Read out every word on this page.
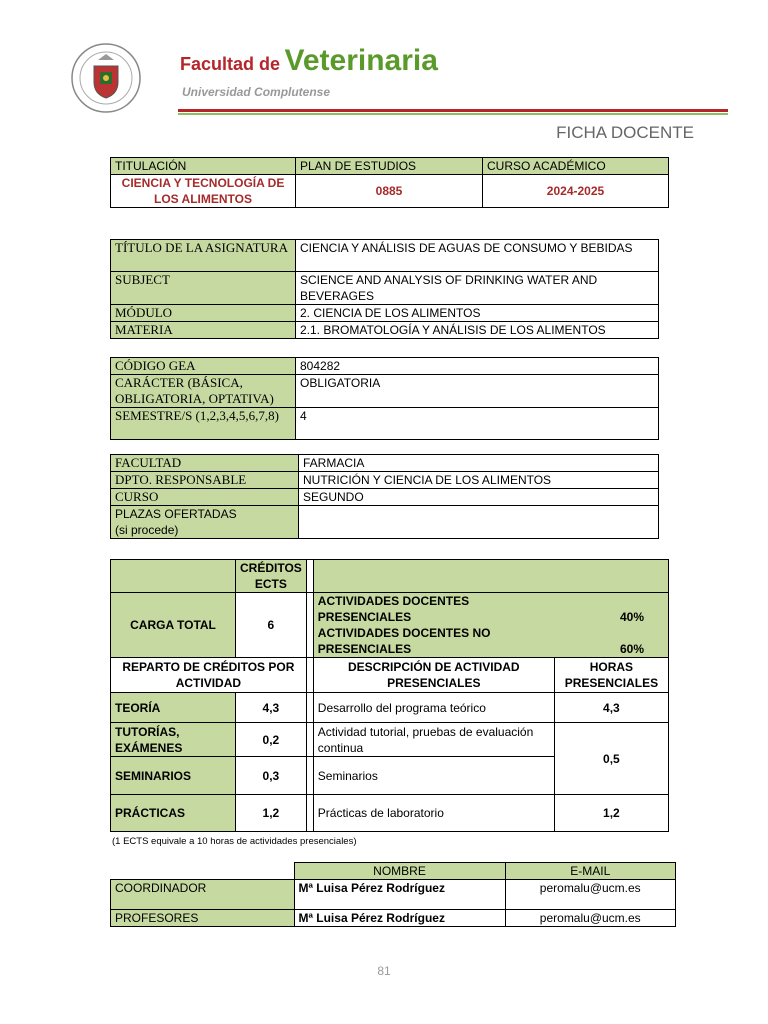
Facultad de Veterinaria
Universidad Complutense
FICHA DOCENTE
TITULACIÓN	PLAN DE ESTUDIOS	CURSO ACADÉMICO
CIENCIA Y TECNOLOGÍA DE LOS ALIMENTOS	0885	2024-2025
TÍTULO DE LA ASIGNATURA	CIENCIA Y ANÁLISIS DE AGUAS DE CONSUMO Y BEBIDAS
SUBJECT	SCIENCE AND ANALYSIS OF DRINKING WATER AND BEVERAGES
MÓDULO	2. CIENCIA DE LOS ALIMENTOS
MATERIA	2.1. BROMATOLOGÍA Y ANÁLISIS DE LOS ALIMENTOS
CÓDIGO GEA	804282
CARÁCTER (BÁSICA, OBLIGATORIA, OPTATIVA)	OBLIGATORIA
SEMESTRE/S (1,2,3,4,5,6,7,8)	4
FACULTAD	FARMACIA
DPTO. RESPONSABLE	NUTRICIÓN Y CIENCIA DE LOS ALIMENTOS
CURSO	SEGUNDO

PLAZAS OFERTADAS
(si procede)	

	CRÉDITOS ECTS			
CARGA TOTAL	6		ACTIVIDADES DOCENTES PRESENCIALES 40%
ACTIVIDADES DOCENTES NO PRESENCIALES 60%	

REPARTO DE CRÉDITOS POR ACTIVIDAD			DESCRIPCIÓN DE ACTIVIDAD PRESENCIALES	HORAS PRESENCIALES
TEORÍA	4,3		Desarrollo del programa teórico	4,3
TUTORÍAS, EXÁMENES	0,2		Actividad tutorial, pruebas de evaluación continua	0,5
SEMINARIOS	0,3		Seminarios	
PRÁCTICAS	1,2		Prácticas de laboratorio	1,2
(1 ECTS equivale a 10 horas de actividades presenciales)
	NOMBRE	E-MAIL
COORDINADOR	Mª Luisa Pérez Rodríguez	peromalu@ucm.es
PROFESORES	Mª Luisa Pérez Rodríguez	peromalu@ucm.es
81
